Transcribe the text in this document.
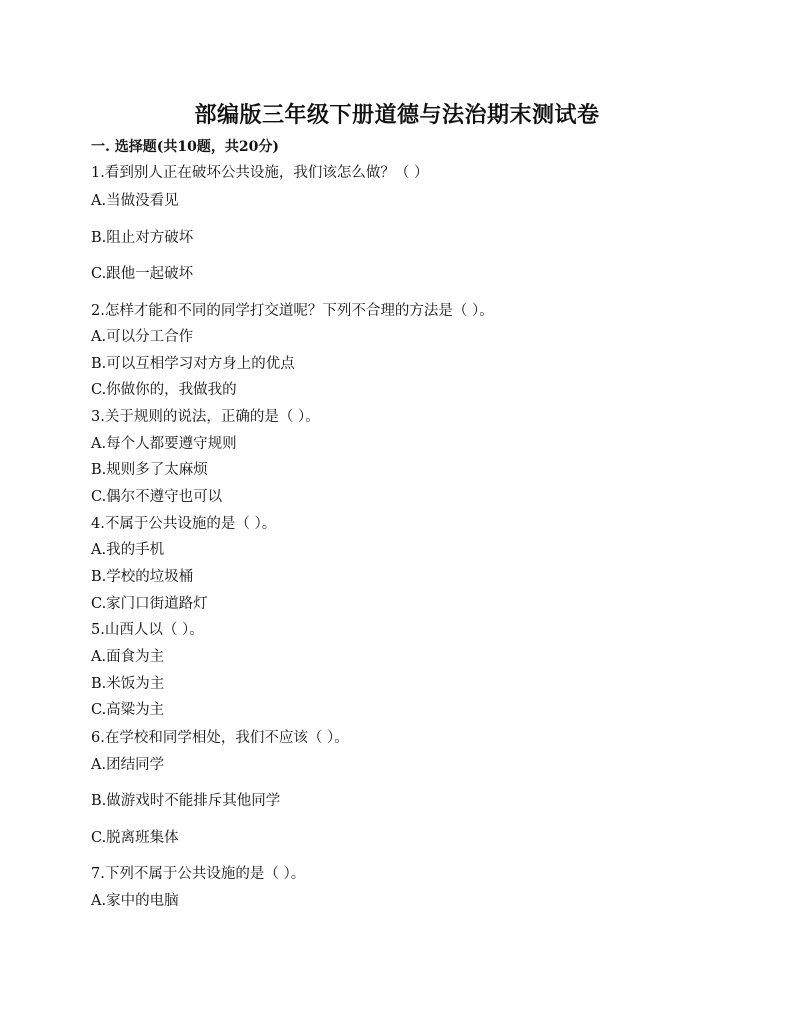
部编版三年级下册道德与法治期末测试卷
一. 选择题(共10题，共20分)
1.看到别人正在破坏公共设施，我们该怎么做？（ ）
A.当做没看见
B.阻止对方破坏
C.跟他一起破坏
2.怎样才能和不同的同学打交道呢？下列不合理的方法是（ ）。
A.可以分工合作
B.可以互相学习对方身上的优点
C.你做你的，我做我的
3.关于规则的说法，正确的是（ ）。
A.每个人都要遵守规则
B.规则多了太麻烦
C.偶尔不遵守也可以
4.不属于公共设施的是（ ）。
A.我的手机
B.学校的垃圾桶
C.家门口街道路灯
5.山西人以（ ）。
A.面食为主
B.米饭为主
C.高粱为主
6.在学校和同学相处，我们不应该（ ）。
A.团结同学
B.做游戏时不能排斥其他同学
C.脱离班集体
7.下列不属于公共设施的是（ ）。
A.家中的电脑
